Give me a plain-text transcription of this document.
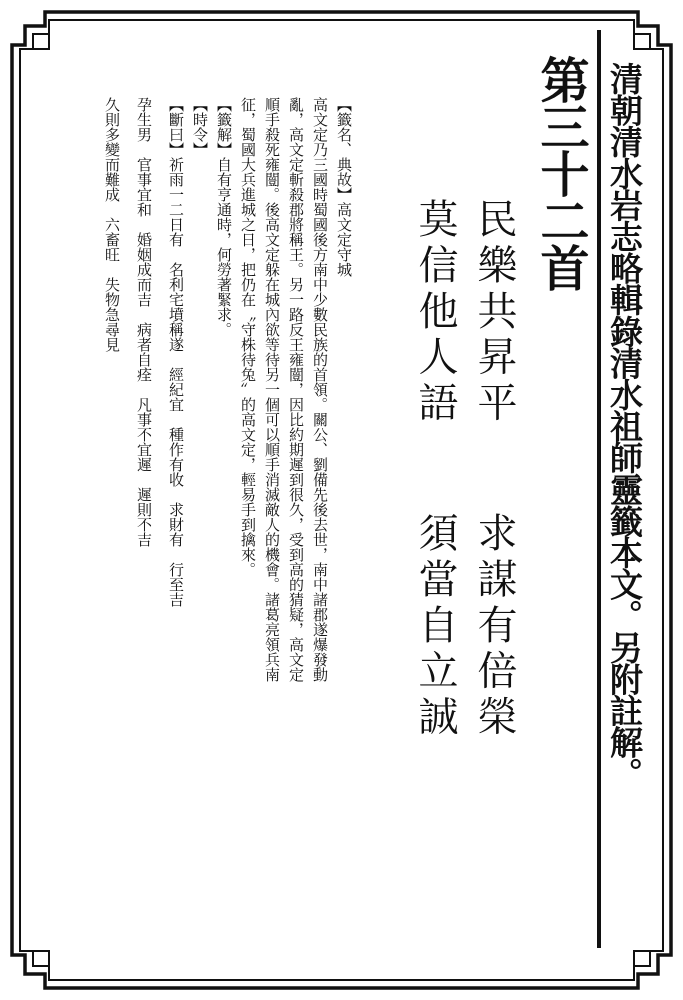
清朝清水岩志略輯錄清水祖師靈籤本文。另附註解。
第三十二首
民樂共昇平
求謀有倍榮
莫信他人語
須當自立誠
【籤名、典故】高文定守城
高文定乃三國時蜀國後方南中少數民族的首領。關公、劉備先後去世，南中諸郡遂爆發動
亂，高文定斬殺郡將稱王。另一路反王雍闓，因比約期遲到很久，受到高的猜疑，高文定
順手殺死雍闓。後高文定躲在城內欲等待另一個可以順手消滅敵人的機會。諸葛亮領兵南
征，蜀國大兵進城之日，把仍在〝守株待兔〞的高文定，輕易手到擒來。
【籤解】自有亨通時，何勞著緊求。
【時令】
【斷曰】祈雨一二日有　名利宅墳稱遂　經紀宜　種作有收　求財有　行至吉
孕生男　官事宜和　婚姻成而吉　病者自痊　凡事不宜遲　遲則不吉
久則多變而難成　六畜旺　失物急尋見
